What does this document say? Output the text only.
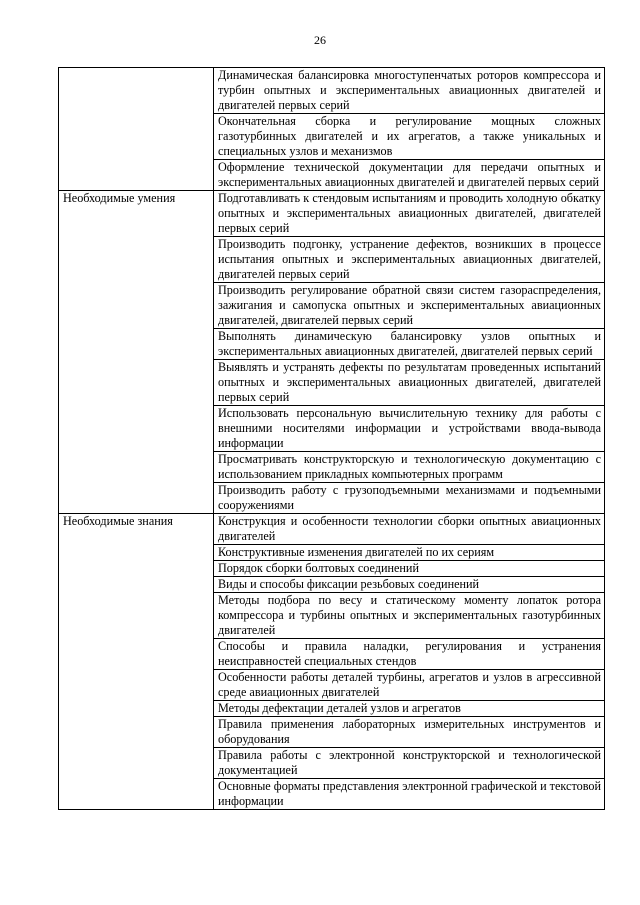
26
	Динамическая балансировка многоступенчатых роторов компрессора и турбин опытных и экспериментальных авиационных двигателей и двигателей первых серий
	Окончательная сборка и регулирование мощных сложных газотурбинных двигателей и их агрегатов, а также уникальных и специальных узлов и механизмов
	Оформление технической документации для передачи опытных и экспериментальных авиационных двигателей и двигателей первых серий
Необходимые умения	Подготавливать к стендовым испытаниям и проводить холодную обкатку опытных и экспериментальных авиационных двигателей, двигателей первых серий
	Производить подгонку, устранение дефектов, возникших в процессе испытания опытных и экспериментальных авиационных двигателей, двигателей первых серий
	Производить регулирование обратной связи систем газораспределения, зажигания и самопуска опытных и экспериментальных авиационных двигателей, двигателей первых серий
	Выполнять динамическую балансировку узлов опытных и экспериментальных авиационных двигателей, двигателей первых серий
	Выявлять и устранять дефекты по результатам проведенных испытаний опытных и экспериментальных авиационных двигателей, двигателей первых серий
	Использовать персональную вычислительную технику для работы с внешними носителями информации и устройствами ввода-вывода информации
	Просматривать конструкторскую и технологическую документацию с использованием прикладных компьютерных программ
	Производить работу с грузоподъемными механизмами и подъемными сооружениями
Необходимые знания	Конструкция и особенности технологии сборки опытных авиационных двигателей
	Конструктивные изменения двигателей по их сериям
	Порядок сборки болтовых соединений
	Виды и способы фиксации резьбовых соединений
	Методы подбора по весу и статическому моменту лопаток ротора компрессора и турбины опытных и экспериментальных газотурбинных двигателей
	Способы и правила наладки, регулирования и устранения неисправностей специальных стендов
	Особенности работы деталей турбины, агрегатов и узлов в агрессивной среде авиационных двигателей
	Методы дефектации деталей узлов и агрегатов
	Правила применения лабораторных измерительных инструментов и оборудования
	Правила работы с электронной конструкторской и технологической документацией
	Основные форматы представления электронной графической и текстовой информации
